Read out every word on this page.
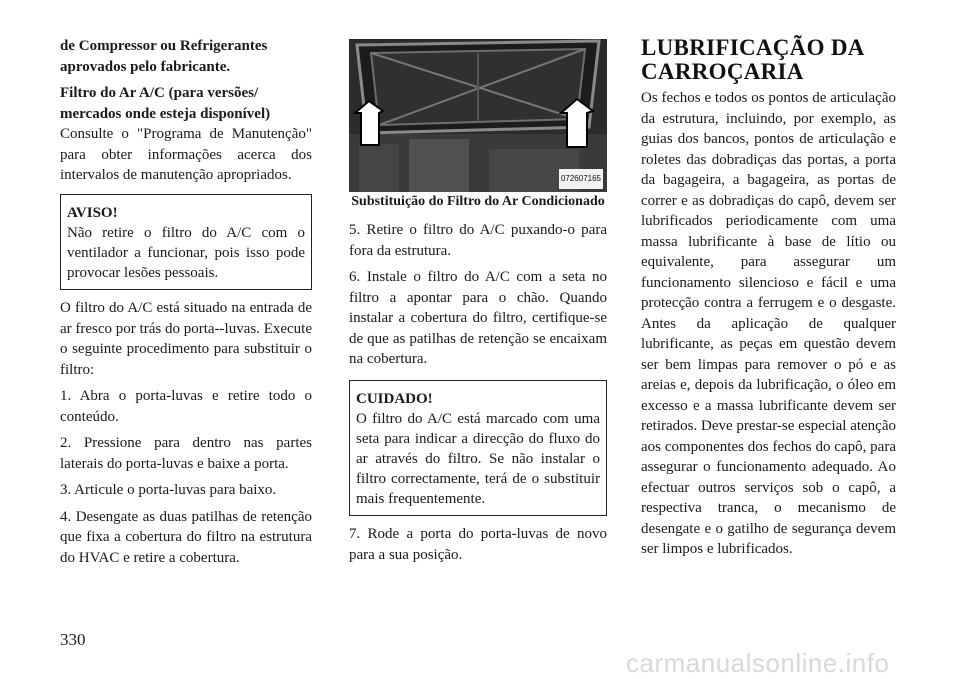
de Compressor ou Refrigerantes aprovados pelo fabricante.

Filtro do Ar A/C (para versões/ mercados onde esteja disponível)

Consulte o "Programa de Manutenção" para obter informações acerca dos intervalos de manutenção apropriados.

AVISO!

Não retire o filtro do A/C com o ventilador a funcionar, pois isso pode provocar lesões pessoais.

O filtro do A/C está situado na entrada de ar fresco por trás do porta--luvas. Execute o seguinte procedimento para substituir o filtro:

1. Abra o porta-luvas e retire todo o conteúdo.

2. Pressione para dentro nas partes laterais do porta-luvas e baixe a porta.

3. Articule o porta-luvas para baixo.

4. Desengate as duas patilhas de retenção que fixa a cobertura do filtro na estrutura do HVAC e retire a cobertura.

072607165
Substituição do Filtro do Ar Condicionado

5. Retire o filtro do A/C puxando-o para fora da estrutura.

6. Instale o filtro do A/C com a seta no filtro a apontar para o chão. Quando instalar a cobertura do filtro, certifique-se de que as patilhas de retenção se encaixam na cobertura.

CUIDADO!

O filtro do A/C está marcado com uma seta para indicar a direcção do fluxo do ar através do filtro. Se não instalar o filtro correctamente, terá de o substituir mais frequentemente.

7. Rode a porta do porta-luvas de novo para a sua posição.

LUBRIFICAÇÃO DA CARROÇARIA

Os fechos e todos os pontos de articulação da estrutura, incluindo, por exemplo, as guias dos bancos, pontos de articulação e roletes das dobradiças das portas, a porta da bagageira, a bagageira, as portas de correr e as dobradiças do capô, devem ser lubrificados periodicamente com uma massa lubrificante à base de lítio ou equivalente, para assegurar um funcionamento silencioso e fácil e uma protecção contra a ferrugem e o desgaste. Antes da aplicação de qualquer lubrificante, as peças em questão devem ser bem limpas para remover o pó e as areias e, depois da lubrificação, o óleo em excesso e a massa lubrificante devem ser retirados. Deve prestar-se especial atenção aos componentes dos fechos do capô, para assegurar o funcionamento adequado. Ao efectuar outros serviços sob o capô, a respectiva tranca, o mecanismo de desengate e o gatilho de segurança devem ser limpos e lubrificados.

330
carmanualsonline.info
